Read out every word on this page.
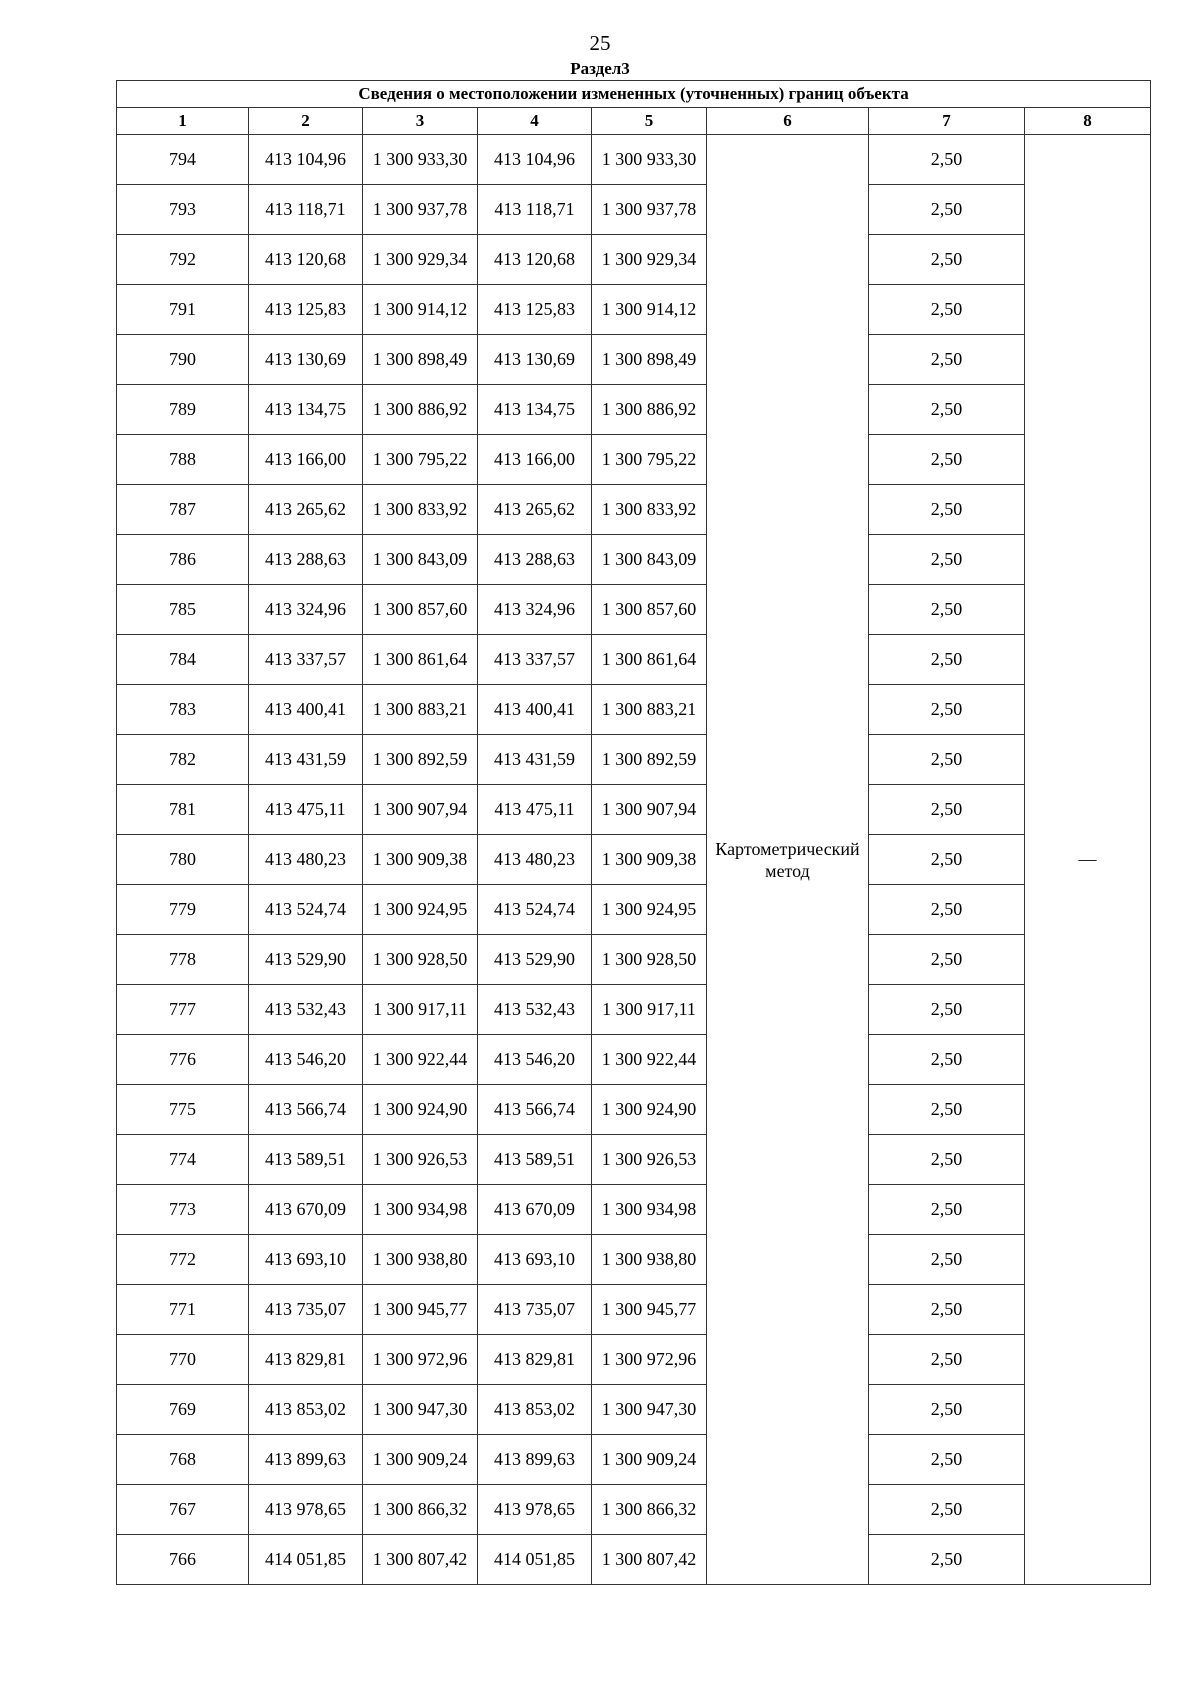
25
Раздел3
Сведения о местоположении измененных (уточненных) границ объекта							
1	2	3	4	5	6	7	8
794	413 104,96	1 300 933,30	413 104,96	1 300 933,30	Картометрический метод	2,50	—
793	413 118,71	1 300 937,78	413 118,71	1 300 937,78		2,50	
792	413 120,68	1 300 929,34	413 120,68	1 300 929,34		2,50	
791	413 125,83	1 300 914,12	413 125,83	1 300 914,12		2,50	
790	413 130,69	1 300 898,49	413 130,69	1 300 898,49		2,50	
789	413 134,75	1 300 886,92	413 134,75	1 300 886,92		2,50	
788	413 166,00	1 300 795,22	413 166,00	1 300 795,22		2,50	
787	413 265,62	1 300 833,92	413 265,62	1 300 833,92		2,50	
786	413 288,63	1 300 843,09	413 288,63	1 300 843,09		2,50	
785	413 324,96	1 300 857,60	413 324,96	1 300 857,60		2,50	
784	413 337,57	1 300 861,64	413 337,57	1 300 861,64		2,50	
783	413 400,41	1 300 883,21	413 400,41	1 300 883,21		2,50	
782	413 431,59	1 300 892,59	413 431,59	1 300 892,59		2,50	
781	413 475,11	1 300 907,94	413 475,11	1 300 907,94		2,50	
780	413 480,23	1 300 909,38	413 480,23	1 300 909,38		2,50	
779	413 524,74	1 300 924,95	413 524,74	1 300 924,95		2,50	
778	413 529,90	1 300 928,50	413 529,90	1 300 928,50		2,50	
777	413 532,43	1 300 917,11	413 532,43	1 300 917,11		2,50	
776	413 546,20	1 300 922,44	413 546,20	1 300 922,44		2,50	
775	413 566,74	1 300 924,90	413 566,74	1 300 924,90		2,50	
774	413 589,51	1 300 926,53	413 589,51	1 300 926,53		2,50	
773	413 670,09	1 300 934,98	413 670,09	1 300 934,98		2,50	
772	413 693,10	1 300 938,80	413 693,10	1 300 938,80		2,50	
771	413 735,07	1 300 945,77	413 735,07	1 300 945,77		2,50	
770	413 829,81	1 300 972,96	413 829,81	1 300 972,96		2,50	
769	413 853,02	1 300 947,30	413 853,02	1 300 947,30		2,50	
768	413 899,63	1 300 909,24	413 899,63	1 300 909,24		2,50	
767	413 978,65	1 300 866,32	413 978,65	1 300 866,32		2,50	
766	414 051,85	1 300 807,42	414 051,85	1 300 807,42		2,50	
